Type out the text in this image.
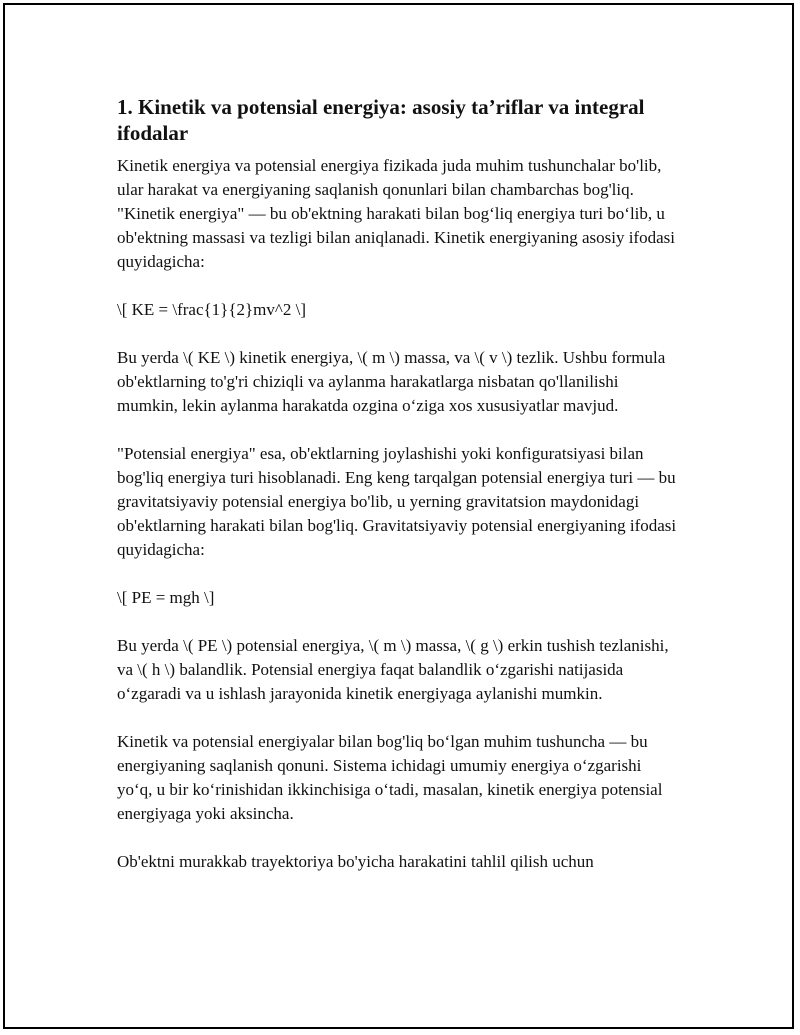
1. Kinetik va potensial energiya: asosiy ta’riflar va integral ifodalar

Kinetik energiya va potensial energiya fizikada juda muhim tushunchalar bo'lib, ular harakat va energiyaning saqlanish qonunlari bilan chambarchas bog'liq. "Kinetik energiya" — bu ob'ektning harakati bilan bog‘liq energiya turi bo‘lib, u ob'ektning massasi va tezligi bilan aniqlanadi. Kinetik energiyaning asosiy ifodasi quyidagicha:

\[ KE = \frac{1}{2}mv^2 \]

Bu yerda \( KE \) kinetik energiya, \( m \) massa, va \( v \) tezlik. Ushbu formula ob'ektlarning to'g'ri chiziqli va aylanma harakatlarga nisbatan qo'llanilishi mumkin, lekin aylanma harakatda ozgina o‘ziga xos xususiyatlar mavjud.

"Potensial energiya" esa, ob'ektlarning joylashishi yoki konfiguratsiyasi bilan bog'liq energiya turi hisoblanadi. Eng keng tarqalgan potensial energiya turi — bu gravitatsiyaviy potensial energiya bo'lib, u yerning gravitatsion maydonidagi ob'ektlarning harakati bilan bog'liq. Gravitatsiyaviy potensial energiyaning ifodasi quyidagicha:

\[ PE = mgh \]

Bu yerda \( PE \) potensial energiya, \( m \) massa, \( g \) erkin tushish tezlanishi, va \( h \) balandlik. Potensial energiya faqat balandlik o‘zgarishi natijasida o‘zgaradi va u ishlash jarayonida kinetik energiyaga aylanishi mumkin.

Kinetik va potensial energiyalar bilan bog'liq bo‘lgan muhim tushuncha — bu energiyaning saqlanish qonuni. Sistema ichidagi umumiy energiya o‘zgarishi yo‘q, u bir ko‘rinishidan ikkinchisiga o‘tadi, masalan, kinetik energiya potensial energiyaga yoki aksincha.

Ob'ektni murakkab trayektoriya bo'yicha harakatini tahlil qilish uchun
